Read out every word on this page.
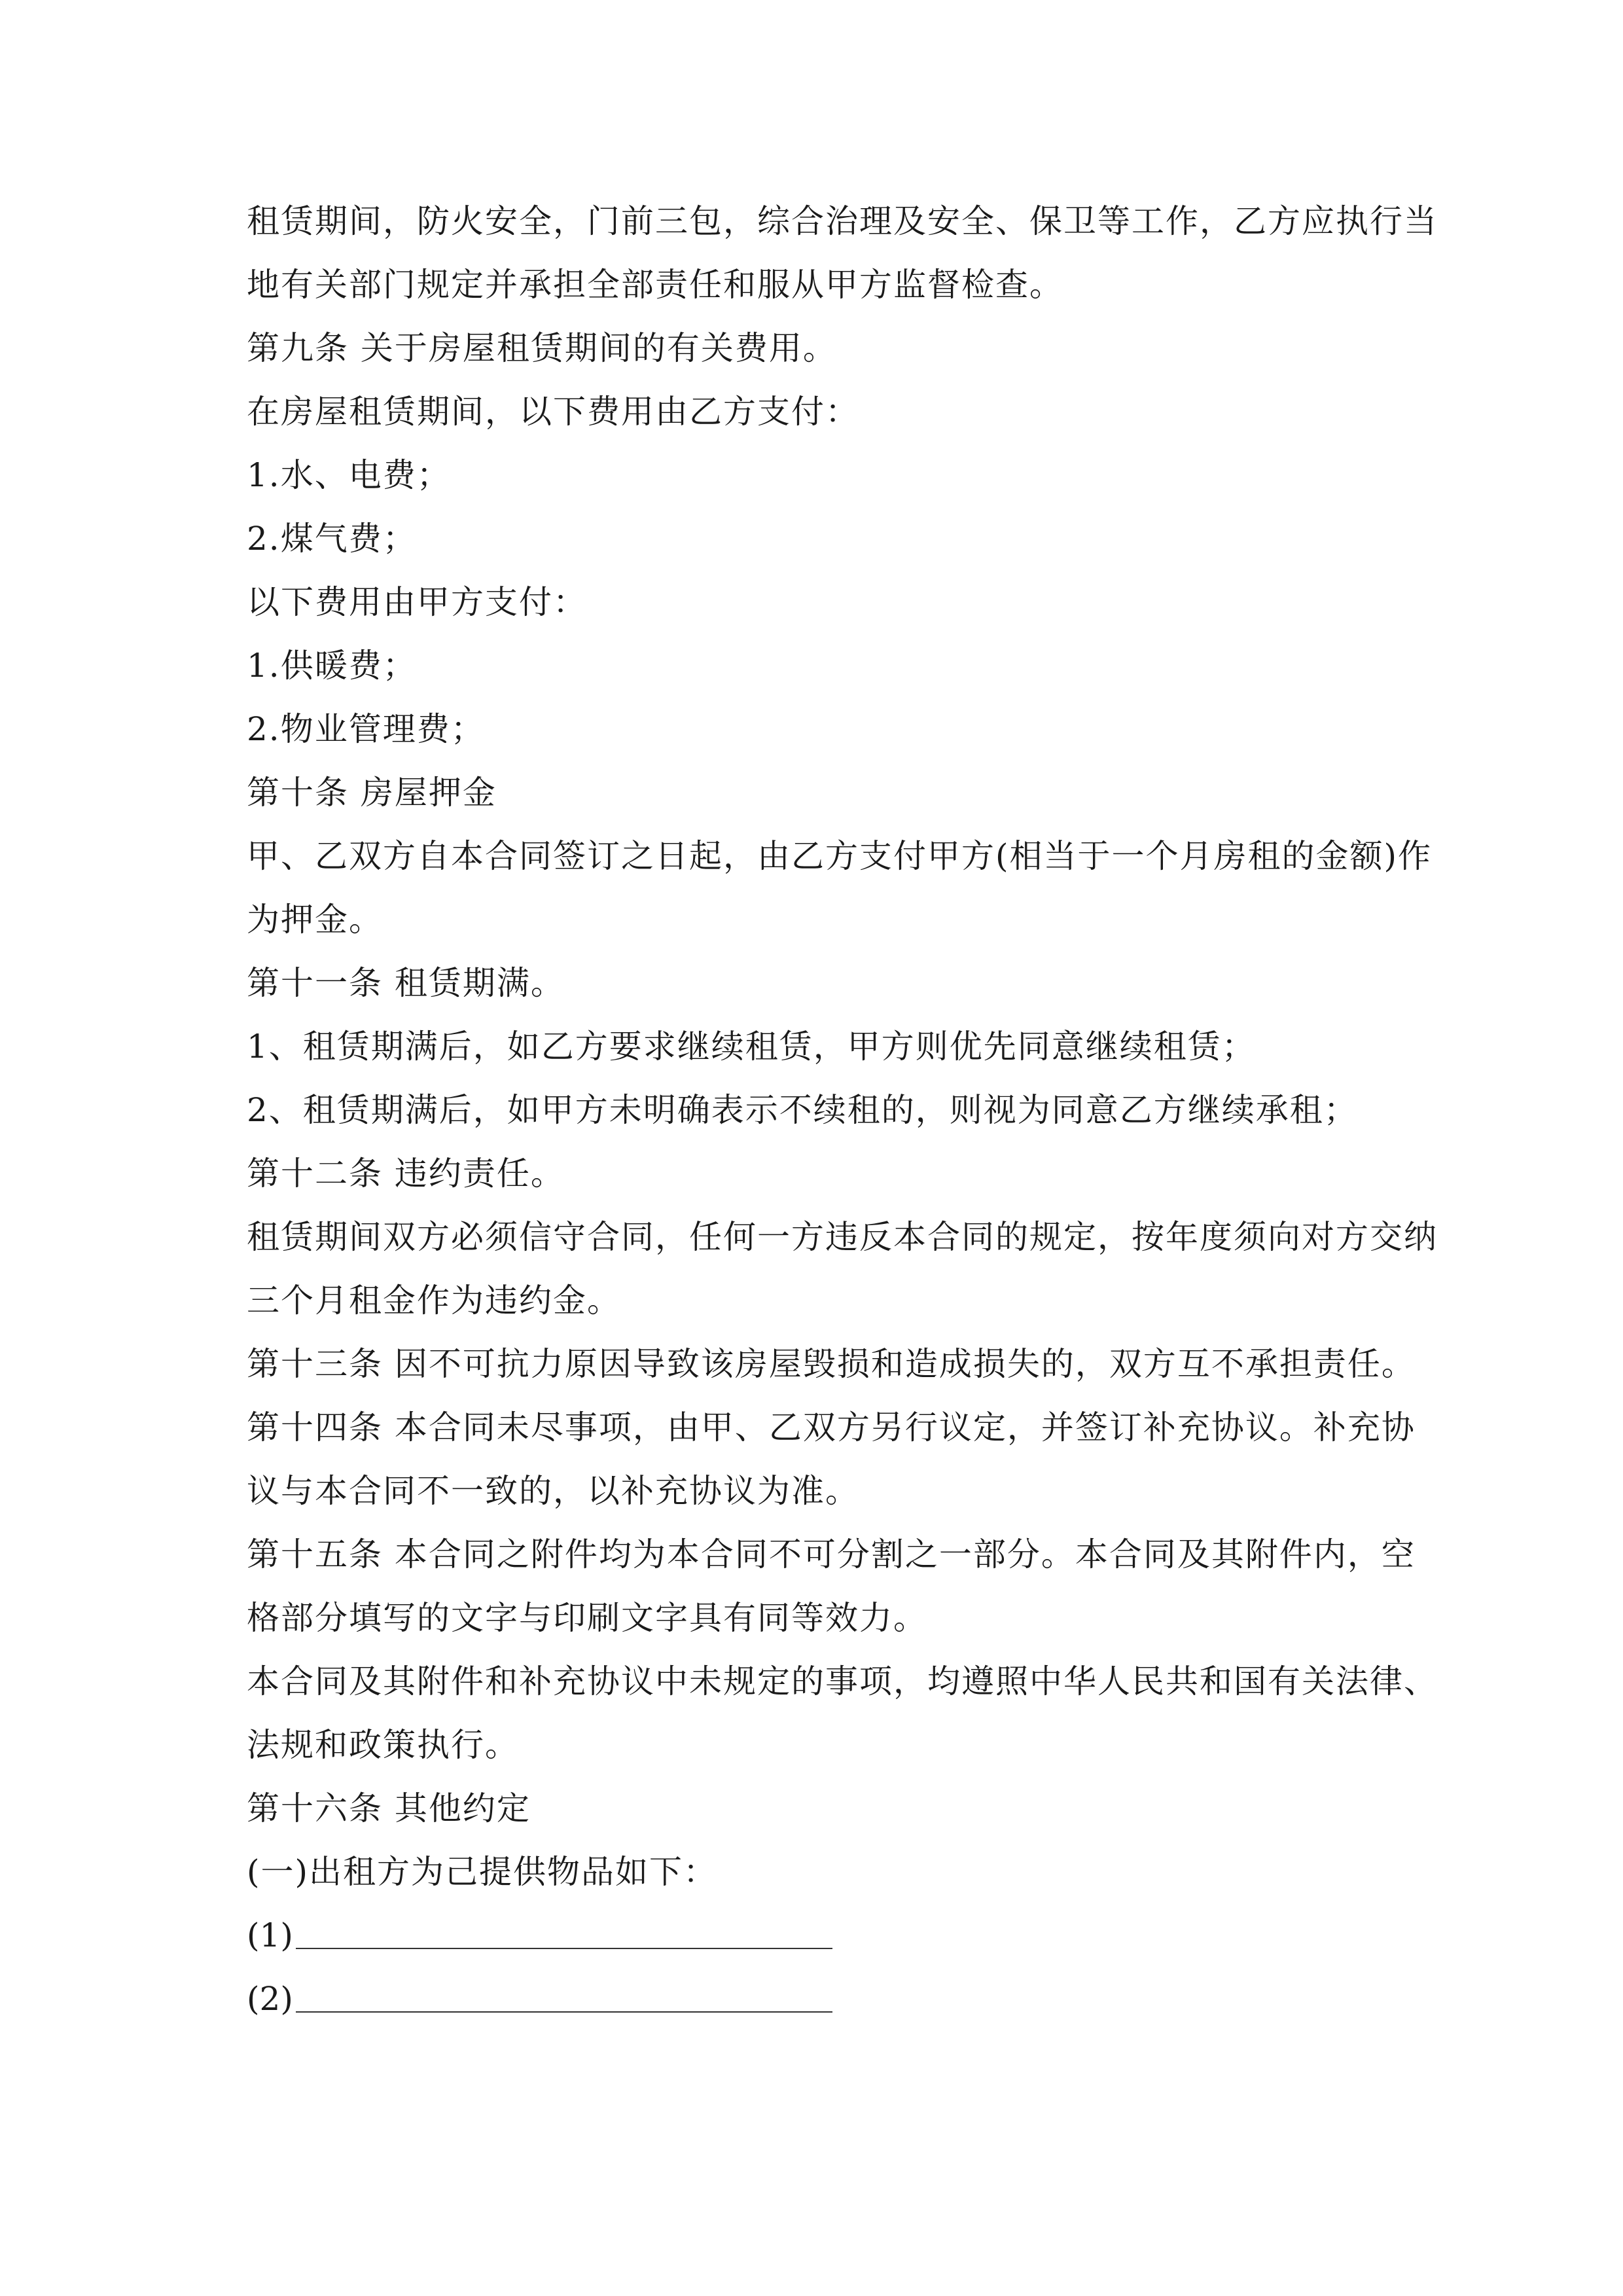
租赁期间，防火安全，门前三包，综合治理及安全、保卫等工作，乙方应执行当
地有关部门规定并承担全部责任和服从甲方监督检查。
第九条 关于房屋租赁期间的有关费用。
在房屋租赁期间，以下费用由乙方支付：
1.水、电费；
2.煤气费；
以下费用由甲方支付：
1.供暖费；
2.物业管理费；
第十条 房屋押金
甲、乙双方自本合同签订之日起，由乙方支付甲方(相当于一个月房租的金额)作
为押金。
第十一条 租赁期满。
1、租赁期满后，如乙方要求继续租赁，甲方则优先同意继续租赁；
2、租赁期满后，如甲方未明确表示不续租的，则视为同意乙方继续承租；
第十二条 违约责任。
租赁期间双方必须信守合同，任何一方违反本合同的规定，按年度须向对方交纳
三个月租金作为违约金。
第十三条 因不可抗力原因导致该房屋毁损和造成损失的，双方互不承担责任。
第十四条 本合同未尽事项，由甲、乙双方另行议定，并签订补充协议。补充协
议与本合同不一致的，以补充协议为准。
第十五条 本合同之附件均为本合同不可分割之一部分。本合同及其附件内，空
格部分填写的文字与印刷文字具有同等效力。
本合同及其附件和补充协议中未规定的事项，均遵照中华人民共和国有关法律、
法规和政策执行。
第十六条 其他约定
(一)出租方为己提供物品如下：
(1)
(2)
